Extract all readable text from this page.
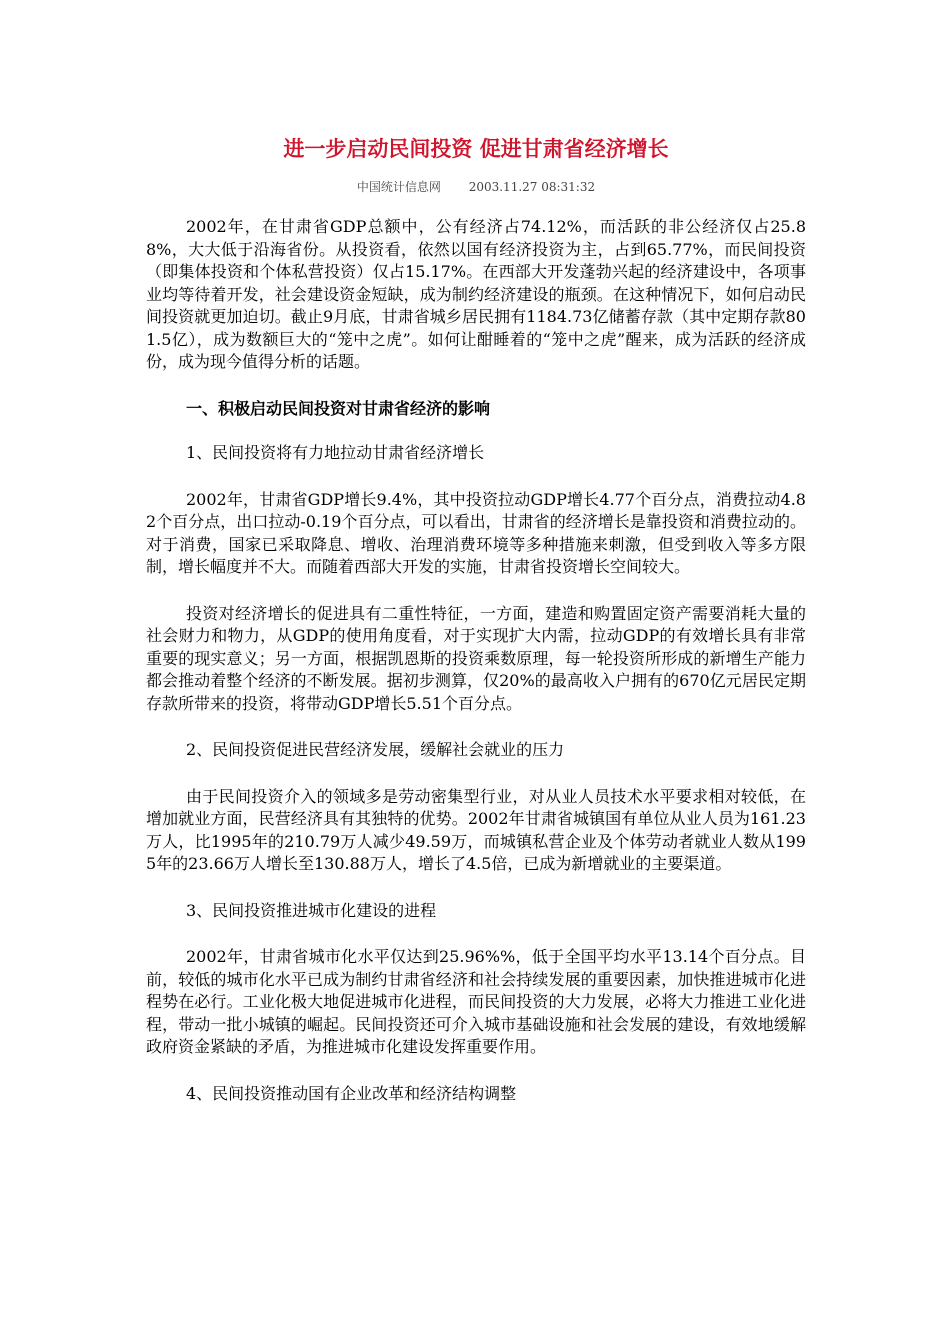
进一步启动民间投资 促进甘肃省经济增长
中国统计信息网 2003.11.27 08:31:32

2002年，在甘肃省GDP总额中，公有经济占74.12%，而活跃的非公经济仅占25.88%，大大低于沿海省份。从投资看，依然以国有经济投资为主，占到65.77%，而民间投资（即集体投资和个体私营投资）仅占15.17%。在西部大开发蓬勃兴起的经济建设中，各项事业均等待着开发，社会建设资金短缺，成为制约经济建设的瓶颈。在这种情况下，如何启动民间投资就更加迫切。截止9月底，甘肃省城乡居民拥有1184.73亿储蓄存款（其中定期存款801.5亿），成为数额巨大的“笼中之虎”。如何让酣睡着的“笼中之虎”醒来，成为活跃的经济成份，成为现今值得分析的话题。

一、积极启动民间投资对甘肃省经济的影响

1、民间投资将有力地拉动甘肃省经济增长

2002年，甘肃省GDP增长9.4%，其中投资拉动GDP增长4.77个百分点，消费拉动4.82个百分点，出口拉动-0.19个百分点，可以看出，甘肃省的经济增长是靠投资和消费拉动的。对于消费，国家已采取降息、增收、治理消费环境等多种措施来刺激，但受到收入等多方限制，增长幅度并不大。而随着西部大开发的实施，甘肃省投资增长空间较大。

投资对经济增长的促进具有二重性特征，一方面，建造和购置固定资产需要消耗大量的社会财力和物力，从GDP的使用角度看，对于实现扩大内需，拉动GDP的有效增长具有非常重要的现实意义；另一方面，根据凯恩斯的投资乘数原理，每一轮投资所形成的新增生产能力都会推动着整个经济的不断发展。据初步测算，仅20%的最高收入户拥有的670亿元居民定期存款所带来的投资，将带动GDP增长5.51个百分点。

2、民间投资促进民营经济发展，缓解社会就业的压力

由于民间投资介入的领域多是劳动密集型行业，对从业人员技术水平要求相对较低，在增加就业方面，民营经济具有其独特的优势。2002年甘肃省城镇国有单位从业人员为161.23万人，比1995年的210.79万人减少49.59万，而城镇私营企业及个体劳动者就业人数从1995年的23.66万人增长至130.88万人，增长了4.5倍，已成为新增就业的主要渠道。

3、民间投资推进城市化建设的进程

2002年，甘肃省城市化水平仅达到25.96%%，低于全国平均水平13.14个百分点。目前，较低的城市化水平已成为制约甘肃省经济和社会持续发展的重要因素，加快推进城市化进程势在必行。工业化极大地促进城市化进程，而民间投资的大力发展，必将大力推进工业化进程，带动一批小城镇的崛起。民间投资还可介入城市基础设施和社会发展的建设，有效地缓解政府资金紧缺的矛盾，为推进城市化建设发挥重要作用。

4、民间投资推动国有企业改革和经济结构调整
